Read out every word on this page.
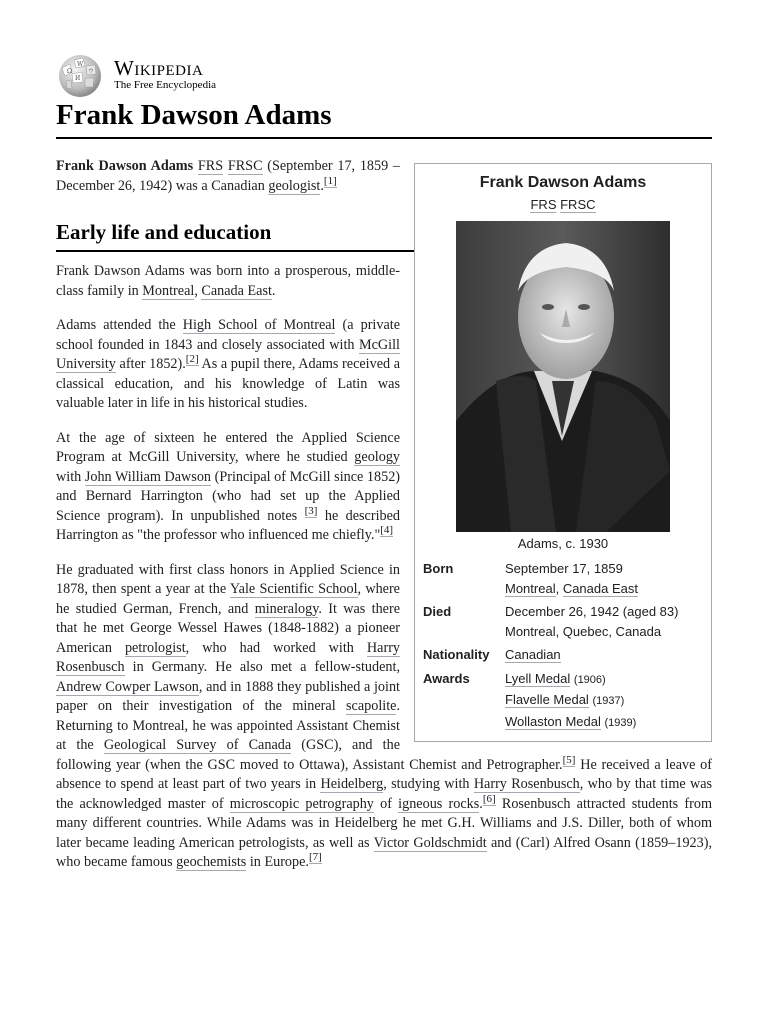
Ω
W
И
ウ Wikipedia
The Free Encyclopedia
Frank Dawson Adams
Frank Dawson Adams
FRS FRSC
Adams, c. 1930
Born	September 17, 1859
Montreal, Canada East
Died	December 26, 1942 (aged 83)
Montreal, Quebec, Canada
Nationality	Canadian
Awards	Lyell Medal (1906)
Flavelle Medal (1937)
Wollaston Medal (1939)

Frank Dawson Adams FRS FRSC (September 17, 1859 – December 26, 1942) was a Canadian geologist.[1]

Early life and education

Frank Dawson Adams was born into a prosperous, middle-class family in Montreal, Canada East.

Adams attended the High School of Montreal (a private school founded in 1843 and closely associated with McGill University after 1852).[2] As a pupil there, Adams received a classical education, and his knowledge of Latin was valuable later in life in his historical studies.

At the age of sixteen he entered the Applied Science Program at McGill University, where he studied geology with John William Dawson (Principal of McGill since 1852) and Bernard Harrington (who had set up the Applied Science program). In unpublished notes [3] he described Harrington as "the professor who influenced me chiefly."[4]

He graduated with first class honors in Applied Science in 1878, then spent a year at the Yale Scientific School, where he studied German, French, and mineralogy. It was there that he met George Wessel Hawes (1848-1882) a pioneer American petrologist, who had worked with Harry Rosenbusch in Germany. He also met a fellow-student, Andrew Cowper Lawson, and in 1888 they published a joint paper on their investigation of the mineral scapolite. Returning to Montreal, he was appointed Assistant Chemist at the Geological Survey of Canada (GSC), and the following year (when the GSC moved to Ottawa), Assistant Chemist and Petrographer.[5] He received a leave of absence to spend at least part of two years in Heidelberg, studying with Harry Rosenbusch, who by that time was the acknowledged master of microscopic petrography of igneous rocks.[6] Rosenbusch attracted students from many different countries. While Adams was in Heidelberg he met G.H. Williams and J.S. Diller, both of whom later became leading American petrologists, as well as Victor Goldschmidt and (Carl) Alfred Osann (1859–1923), who became famous geochemists in Europe.[7]
